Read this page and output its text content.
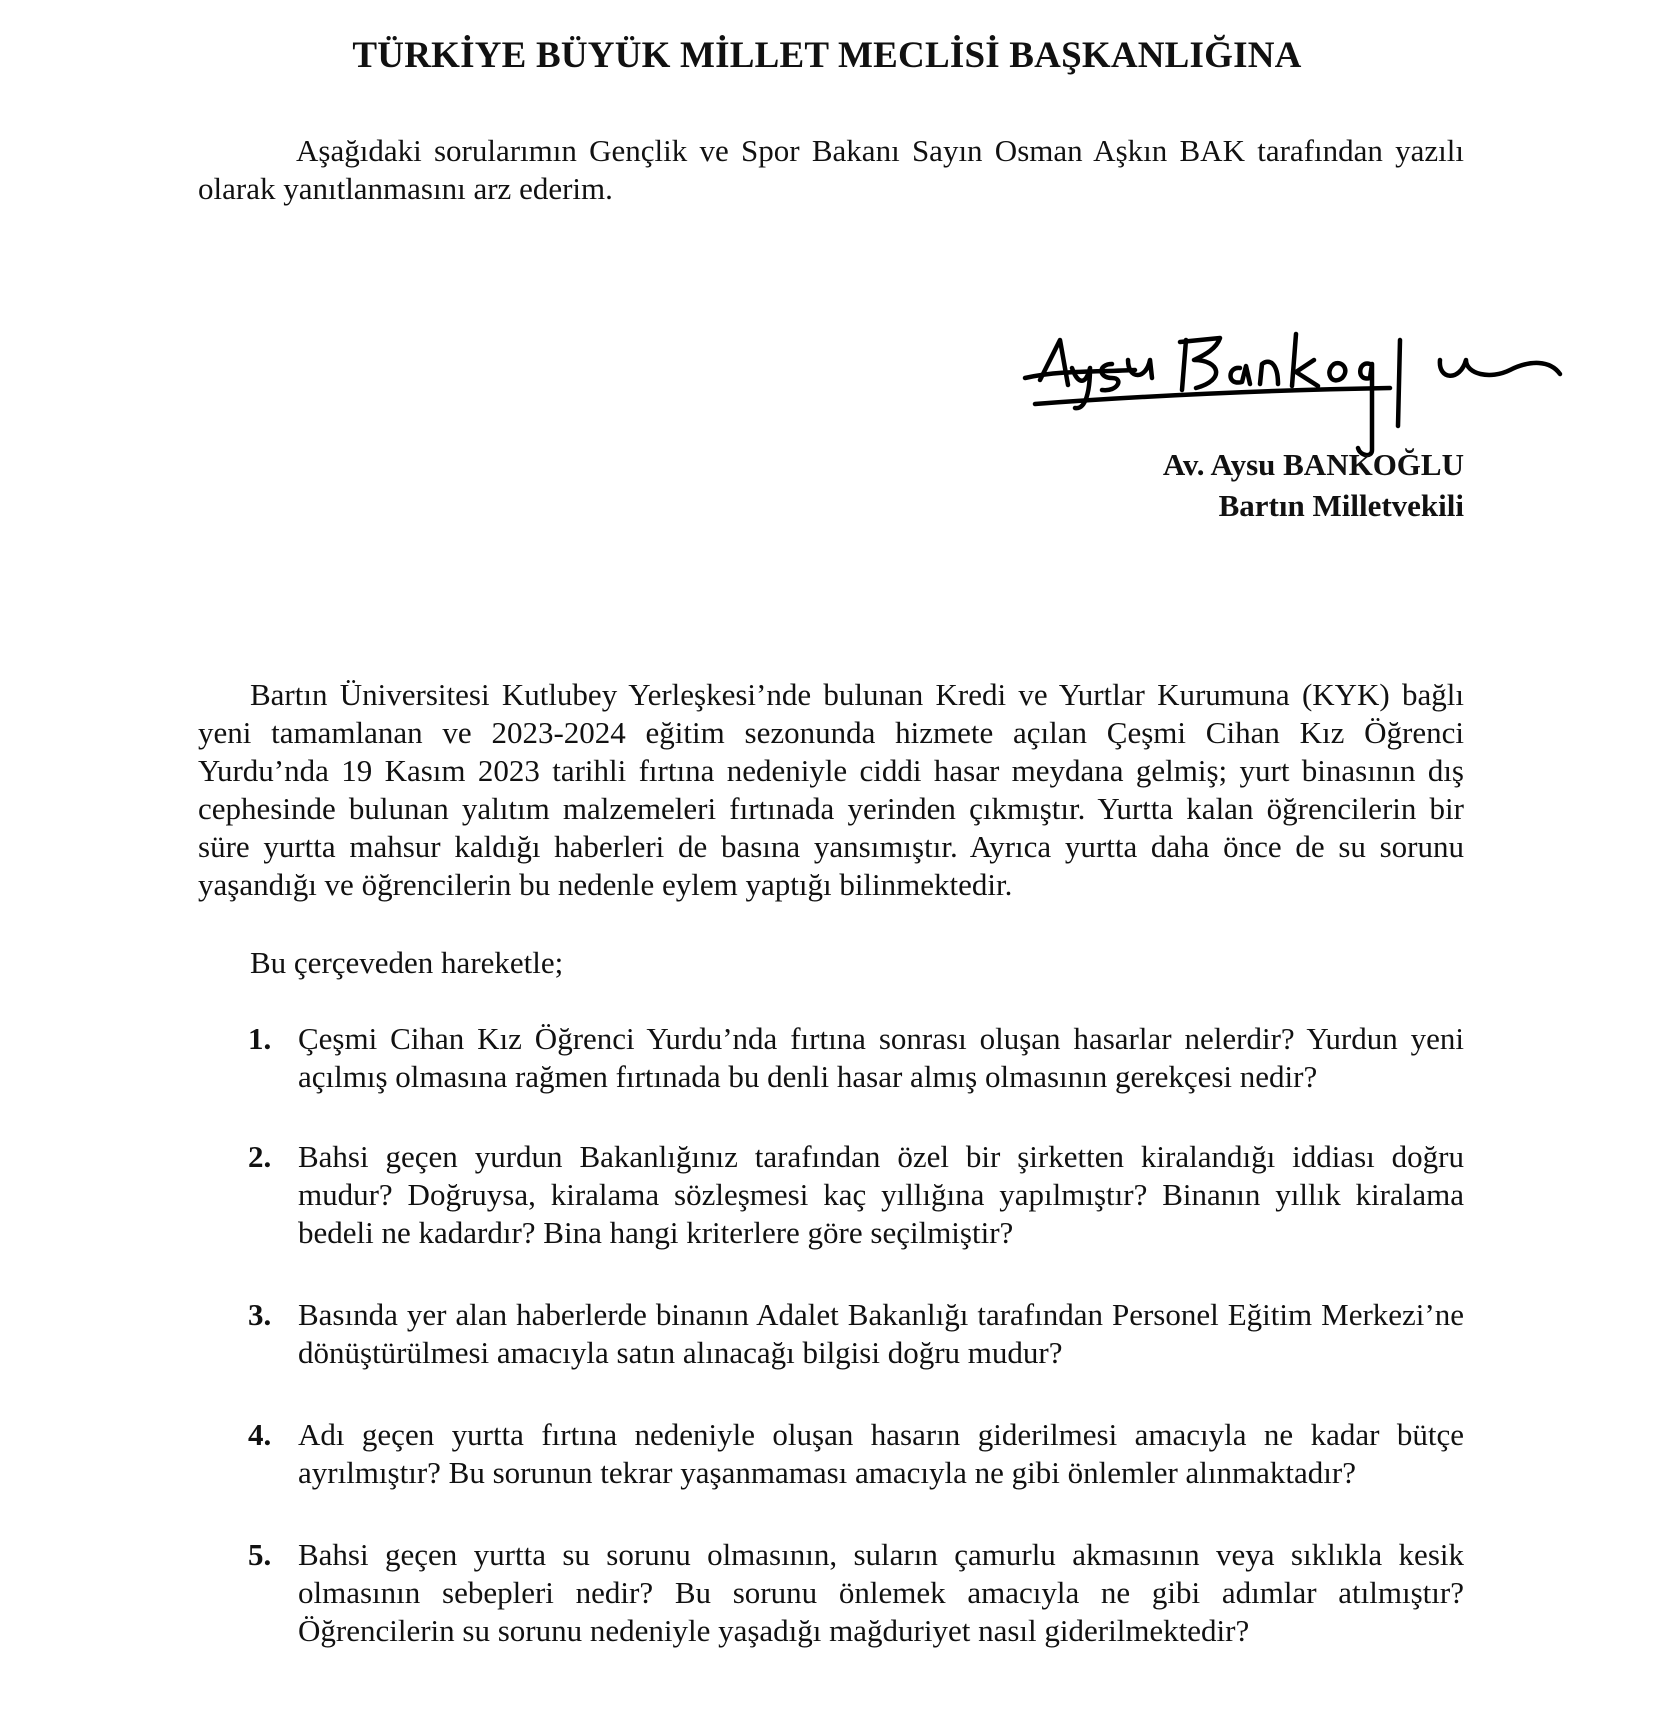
TÜRKİYE BÜYÜK MİLLET MECLİSİ BAŞKANLIĞINA

Aşağıdaki sorularımın Gençlik ve Spor Bakanı Sayın Osman Aşkın BAK tarafından yazılı olarak yanıtlanmasını arz ederim.

Av. Aysu BANKOĞLU

Bartın Milletvekili

Bartın Üniversitesi Kutlubey Yerleşkesi’nde bulunan Kredi ve Yurtlar Kurumuna (KYK) bağlı yeni tamamlanan ve 2023-2024 eğitim sezonunda hizmete açılan Çeşmi Cihan Kız Öğrenci Yurdu’nda 19 Kasım 2023 tarihli fırtına nedeniyle ciddi hasar meydana gelmiş; yurt binasının dış cephesinde bulunan yalıtım malzemeleri fırtınada yerinden çıkmıştır. Yurtta kalan öğrencilerin bir süre yurtta mahsur kaldığı haberleri de basına yansımıştır. Ayrıca yurtta daha önce de su sorunu yaşandığı ve öğrencilerin bu nedenle eylem yaptığı bilinmektedir.

Bu çerçeveden hareketle;

1. Çeşmi Cihan Kız Öğrenci Yurdu’nda fırtına sonrası oluşan hasarlar nelerdir? Yurdun yeni açılmış olmasına rağmen fırtınada bu denli hasar almış olmasının gerekçesi nedir?

2. Bahsi geçen yurdun Bakanlığınız tarafından özel bir şirketten kiralandığı iddiası doğru mudur? Doğruysa, kiralama sözleşmesi kaç yıllığına yapılmıştır? Binanın yıllık kiralama bedeli ne kadardır? Bina hangi kriterlere göre seçilmiştir?

3. Basında yer alan haberlerde binanın Adalet Bakanlığı tarafından Personel Eğitim Merkezi’ne dönüştürülmesi amacıyla satın alınacağı bilgisi doğru mudur?

4. Adı geçen yurtta fırtına nedeniyle oluşan hasarın giderilmesi amacıyla ne kadar bütçe ayrılmıştır? Bu sorunun tekrar yaşanmaması amacıyla ne gibi önlemler alınmaktadır?

5. Bahsi geçen yurtta su sorunu olmasının, suların çamurlu akmasının veya sıklıkla kesik olmasının sebepleri nedir? Bu sorunu önlemek amacıyla ne gibi adımlar atılmıştır? Öğrencilerin su sorunu nedeniyle yaşadığı mağduriyet nasıl giderilmektedir?
